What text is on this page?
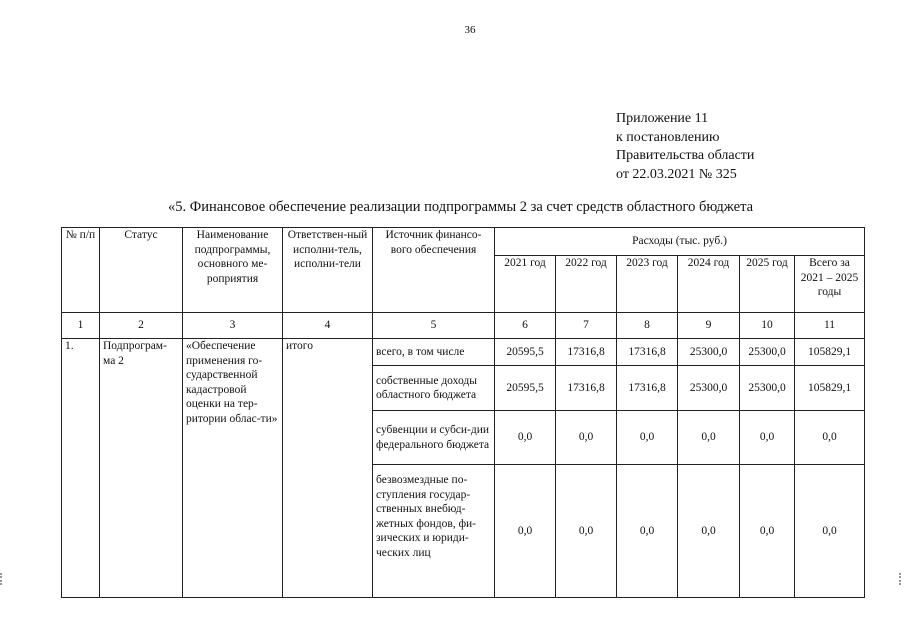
36
Приложение 11
к постановлению
Правительства области
от 22.03.2021 № 325
«5. Финансовое обеспечение реализации подпрограммы 2 за счет средств областного бюджета
№ п/п	Статус	Наименование подпрограммы, основного ме-роприятия	Ответствен-ный исполни-тель, исполни-тели	Источник финансо-вого обеспечения	Расходы (тыс. руб.)					
					2021 год	2022 год	2023 год	2024 год	2025 год	Всего за 2021 – 2025 годы
1	2	3	4	5	6	7	8	9	10	11
1.	Подпрограм-ма 2	«Обеспечение применения го-сударственной кадастровой оценки на тер-ритории облас-ти»	итого	всего, в том числе	20595,5	17316,8	17316,8	25300,0	25300,0	105829,1
				собственные доходы областного бюджета	20595,5	17316,8	17316,8	25300,0	25300,0	105829,1
				субвенции и субси-дии федерального бюджета	0,0	0,0	0,0	0,0	0,0	0,0
				безвозмездные по-ступления государ-ственных внебюд-жетных фондов, фи-зических и юриди-ческих лиц	0,0	0,0	0,0	0,0	0,0	0,0
